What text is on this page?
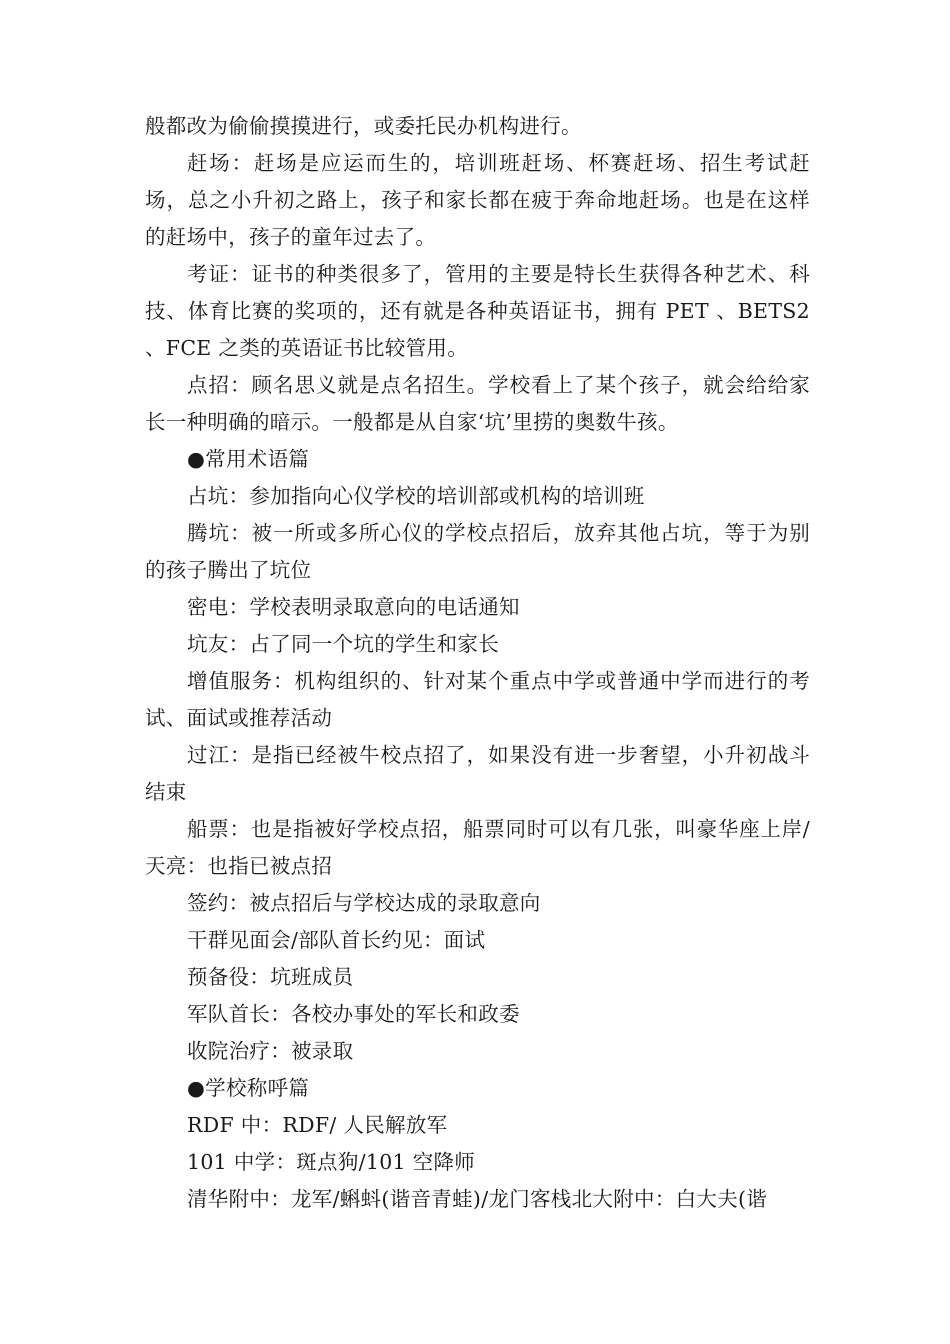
般都改为偷偷摸摸进行，或委托民办机构进行。

赶场：赶场是应运而生的，培训班赶场、杯赛赶场、招生考试赶场，总之小升初之路上，孩子和家长都在疲于奔命地赶场。也是在这样的赶场中，孩子的童年过去了。

考证：证书的种类很多了，管用的主要是特长生获得各种艺术、科技、体育比赛的奖项的，还有就是各种英语证书，拥有 PET 、BETS2 、FCE 之类的英语证书比较管用。

点招：顾名思义就是点名招生。学校看上了某个孩子，就会给给家长一种明确的暗示。一般都是从自家‘坑’里捞的奥数牛孩。

●常用术语篇

占坑：参加指向心仪学校的培训部或机构的培训班

腾坑：被一所或多所心仪的学校点招后，放弃其他占坑，等于为别的孩子腾出了坑位

密电：学校表明录取意向的电话通知

坑友：占了同一个坑的学生和家长

增值服务：机构组织的、针对某个重点中学或普通中学而进行的考试、面试或推荐活动

过江：是指已经被牛校点招了，如果没有进一步奢望，小升初战斗结束

船票：也是指被好学校点招，船票同时可以有几张，叫豪华座上岸/天亮：也指已被点招

签约：被点招后与学校达成的录取意向

干群见面会/部队首长约见：面试

预备役：坑班成员

军队首长：各校办事处的军长和政委

收院治疗：被录取

●学校称呼篇

RDF 中：RDF/ 人民解放军

101 中学：斑点狗/101 空降师

清华附中：龙军/蝌蚪(谐音青蛙)/龙门客栈北大附中：白大夫(谐
